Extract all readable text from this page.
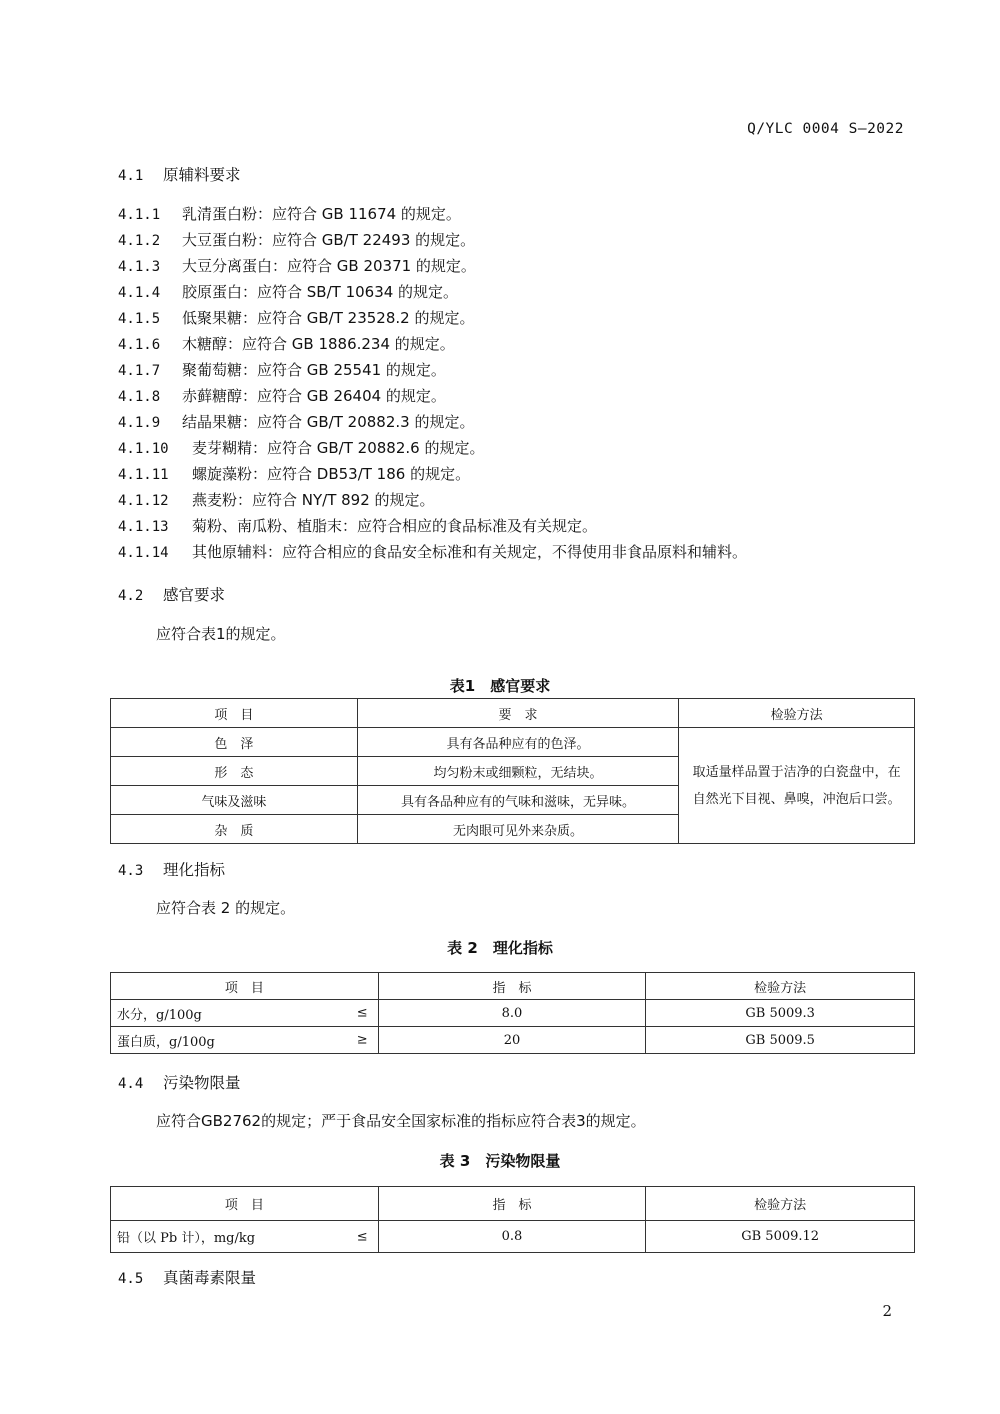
Q/YLC 0004 S—2022
4.1 原辅料要求
4.1.1 乳清蛋白粉：应符合 GB 11674 的规定。
4.1.2 大豆蛋白粉：应符合 GB/T 22493 的规定。
4.1.3 大豆分离蛋白：应符合 GB 20371 的规定。
4.1.4 胶原蛋白：应符合 SB/T 10634 的规定。
4.1.5 低聚果糖：应符合 GB/T 23528.2 的规定。
4.1.6 木糖醇：应符合 GB 1886.234 的规定。
4.1.7 聚葡萄糖：应符合 GB 25541 的规定。
4.1.8 赤藓糖醇：应符合 GB 26404 的规定。
4.1.9 结晶果糖：应符合 GB/T 20882.3 的规定。
4.1.10 麦芽糊精：应符合 GB/T 20882.6 的规定。
4.1.11 螺旋藻粉：应符合 DB53/T 186 的规定。
4.1.12 燕麦粉：应符合 NY/T 892 的规定。
4.1.13 菊粉、南瓜粉、植脂末：应符合相应的食品标准及有关规定。
4.1.14 其他原辅料：应符合相应的食品安全标准和有关规定，不得使用非食品原料和辅料。
4.2 感官要求
应符合表1的规定。
表1　感官要求
项　目	要　求	检验方法
色　泽	具有各品种应有的色泽。	取适量样品置于洁净的白瓷盘中，在自然光下目视、鼻嗅，冲泡后口尝。
形　态	均匀粉末或细颗粒，无结块。	
气味及滋味	具有各品种应有的气味和滋味，无异味。	
杂　质	无肉眼可见外来杂质。	
4.3 理化指标
应符合表 2 的规定。
表 2　理化指标
项　目	指　标	检验方法
水分，g/100g ≤	8.0	GB 5009.3
蛋白质，g/100g ≥	20	GB 5009.5
4.4 污染物限量
应符合GB2762的规定；严于食品安全国家标准的指标应符合表3的规定。
表 3　污染物限量
项　目	指　标	检验方法
铅（以 Pb 计），mg/kg ≤	0.8	GB 5009.12
4.5 真菌毒素限量
2
